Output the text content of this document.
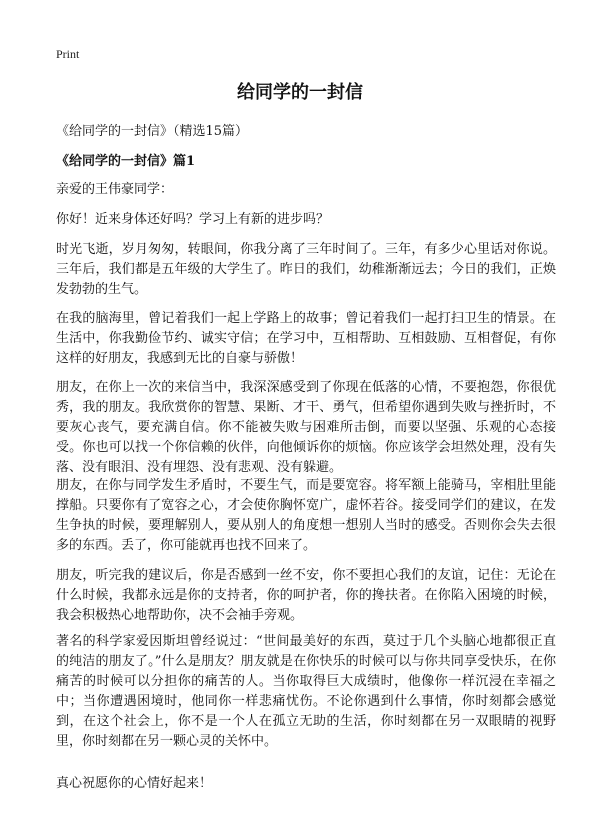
Print
给同学的一封信

《给同学的一封信》（精选15篇）

《给同学的一封信》篇1

亲爱的王伟豪同学：

你好！近来身体还好吗？学习上有新的进步吗？

时光飞逝，岁月匆匆，转眼间，你我分离了三年时间了。三年，有多少心里话对你说。三年后，我们都是五年级的大学生了。昨日的我们，幼稚渐渐远去；今日的我们，正焕发勃勃的生气。

在我的脑海里，曾记着我们一起上学路上的故事；曾记着我们一起打扫卫生的情景。在生活中，你我勤俭节约、诚实守信；在学习中，互相帮助、互相鼓励、互相督促，有你这样的好朋友，我感到无比的自豪与骄傲！

朋友，在你上一次的来信当中，我深深感受到了你现在低落的心情，不要抱怨，你很优秀，我的朋友。我欣赏你的智慧、果断、才干、勇气，但希望你遇到失败与挫折时，不要灰心丧气，要充满自信。你不能被失败与困难所击倒，而要以坚强、乐观的心态接受。你也可以找一个你信赖的伙伴，向他倾诉你的烦恼。你应该学会坦然处理，没有失落、没有眼泪、没有埋怨、没有悲观、没有躲避。

朋友，在你与同学发生矛盾时，不要生气，而是要宽容。将军额上能骑马，宰相肚里能撑船。只要你有了宽容之心，才会使你胸怀宽广，虚怀若谷。接受同学们的建议，在发生争执的时候，要理解别人，要从别人的角度想一想别人当时的感受。否则你会失去很多的东西。丢了，你可能就再也找不回来了。

朋友，听完我的建议后，你是否感到一丝不安，你不要担心我们的友谊，记住：无论在什么时候，我都永远是你的支持者，你的呵护者，你的搀扶者。在你陷入困境的时候，我会积极热心地帮助你，决不会袖手旁观。

著名的科学家爱因斯坦曾经说过：“世间最美好的东西，莫过于几个头脑心地都很正直的纯洁的朋友了。”什么是朋友？朋友就是在你快乐的时候可以与你共同享受快乐，在你痛苦的时候可以分担你的痛苦的人。当你取得巨大成绩时，他像你一样沉浸在幸福之中；当你遭遇困境时，他同你一样悲痛忧伤。不论你遇到什么事情，你时刻都会感觉到，在这个社会上，你不是一个人在孤立无助的生活，你时刻都在另一双眼睛的视野里，你时刻都在另一颗心灵的关怀中。

真心祝愿你的心情好起来！
